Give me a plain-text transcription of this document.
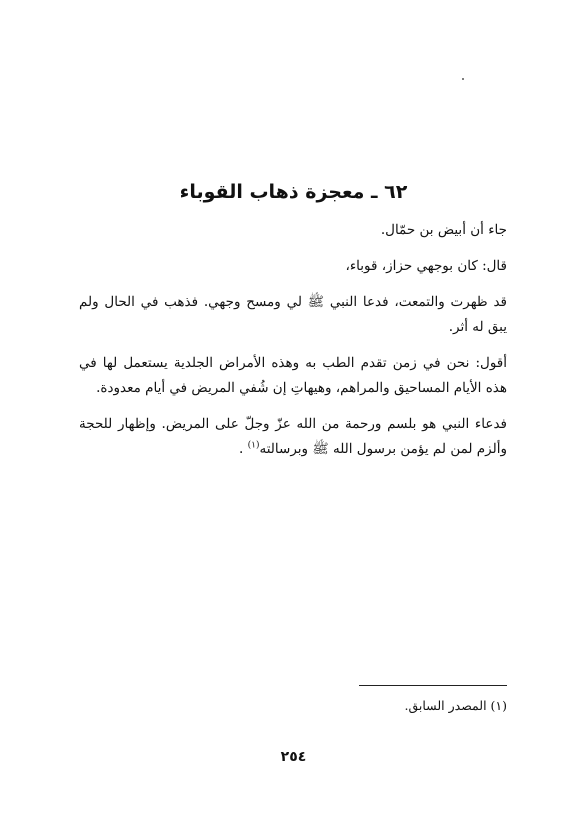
٦٢ ـ معجزة ذهاب القوباء

جاء أن أبيض بن حمّال.

قال: كان بوجهي حزاز، قوباء،

قد ظهرت والتمعت، فدعا النبي ﷺ لي ومسح وجهي. فذهب في الحال ولم يبق له أثر.

أقول: نحن في زمن تقدم الطب به وهذه الأمراض الجلدية يستعمل لها في هذه الأيام المساحيق والمراهم، وهيهاتِ إن شُفي المريض في أيام معدودة.

فدعاء النبي هو بلسم ورحمة من الله عزّ وجلّ على المريض. وإظهار للحجة وألزم لمن لم يؤمن برسول الله ﷺ وبرسالته$^{(١)}$ .

(١) المصدر السابق.
٢٥٤
